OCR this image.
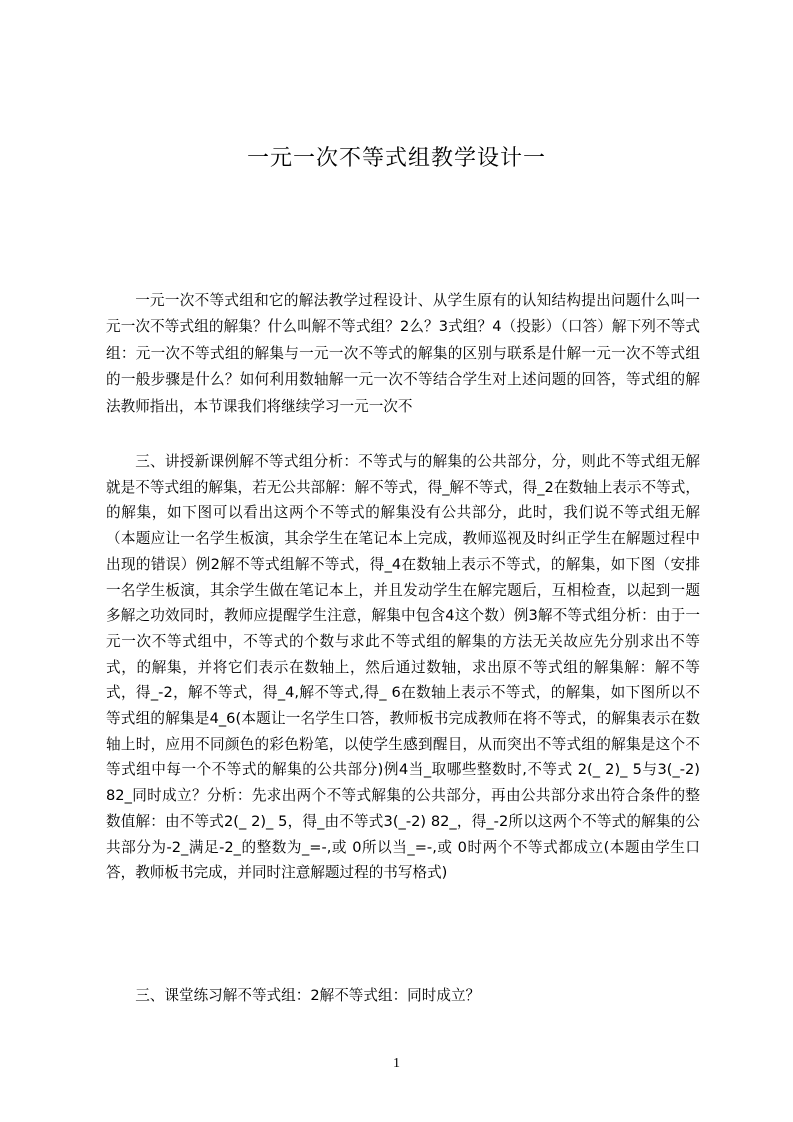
一元一次不等式组教学设计一

一元一次不等式组和它的解法教学过程设计、从学生原有的认知结构提出问题什么叫一元一次不等式组的解集？什么叫解不等式组？2么？3式组？4（投影）（口答）解下列不等式组：元一次不等式组的解集与一元一次不等式的解集的区别与联系是什解一元一次不等式组的一般步骤是什么？如何利用数轴解一元一次不等结合学生对上述问题的回答，等式组的解法教师指出，本节课我们将继续学习一元一次不

三、讲授新课例解不等式组分析：不等式与的解集的公共部分，分，则此不等式组无解就是不等式组的解集，若无公共部解：解不等式，得_解不等式，得_2在数轴上表示不等式，的解集，如下图可以看出这两个不等式的解集没有公共部分，此时，我们说不等式组无解（本题应让一名学生板演，其余学生在笔记本上完成，教师巡视及时纠正学生在解题过程中出现的错误）例2解不等式组解不等式，得_4在数轴上表示不等式，的解集，如下图（安排一名学生板演，其余学生做在笔记本上，并且发动学生在解完题后，互相检查，以起到一题多解之功效同时，教师应提醒学生注意，解集中包含4这个数）例3解不等式组分析：由于一元一次不等式组中，不等式的个数与求此不等式组的解集的方法无关故应先分别求出不等式，的解集，并将它们表示在数轴上，然后通过数轴，求出原不等式组的解集解：解不等式，得_-2，解不等式，得_4,解不等式,得_ 6在数轴上表示不等式，的解集，如下图所以不等式组的解集是4_6(本题让一名学生口答，教师板书完成教师在将不等式，的解集表示在数轴上时，应用不同颜色的彩色粉笔，以使学生感到醒目，从而突出不等式组的解集是这个不等式组中每一个不等式的解集的公共部分)例4当_取哪些整数时,不等式 2(_ 2)_ 5与3(_-2) 82_同时成立？分析：先求出两个不等式解集的公共部分，再由公共部分求出符合条件的整数值解：由不等式2(_ 2)_ 5，得_由不等式3(_-2) 82_，得_-2所以这两个不等式的解集的公共部分为-2_满足-2_的整数为_=-,或 0所以当_=-,或 0时两个不等式都成立(本题由学生口答，教师板书完成，并同时注意解题过程的书写格式)

三、课堂练习解不等式组：2解不等式组：同时成立？

1
